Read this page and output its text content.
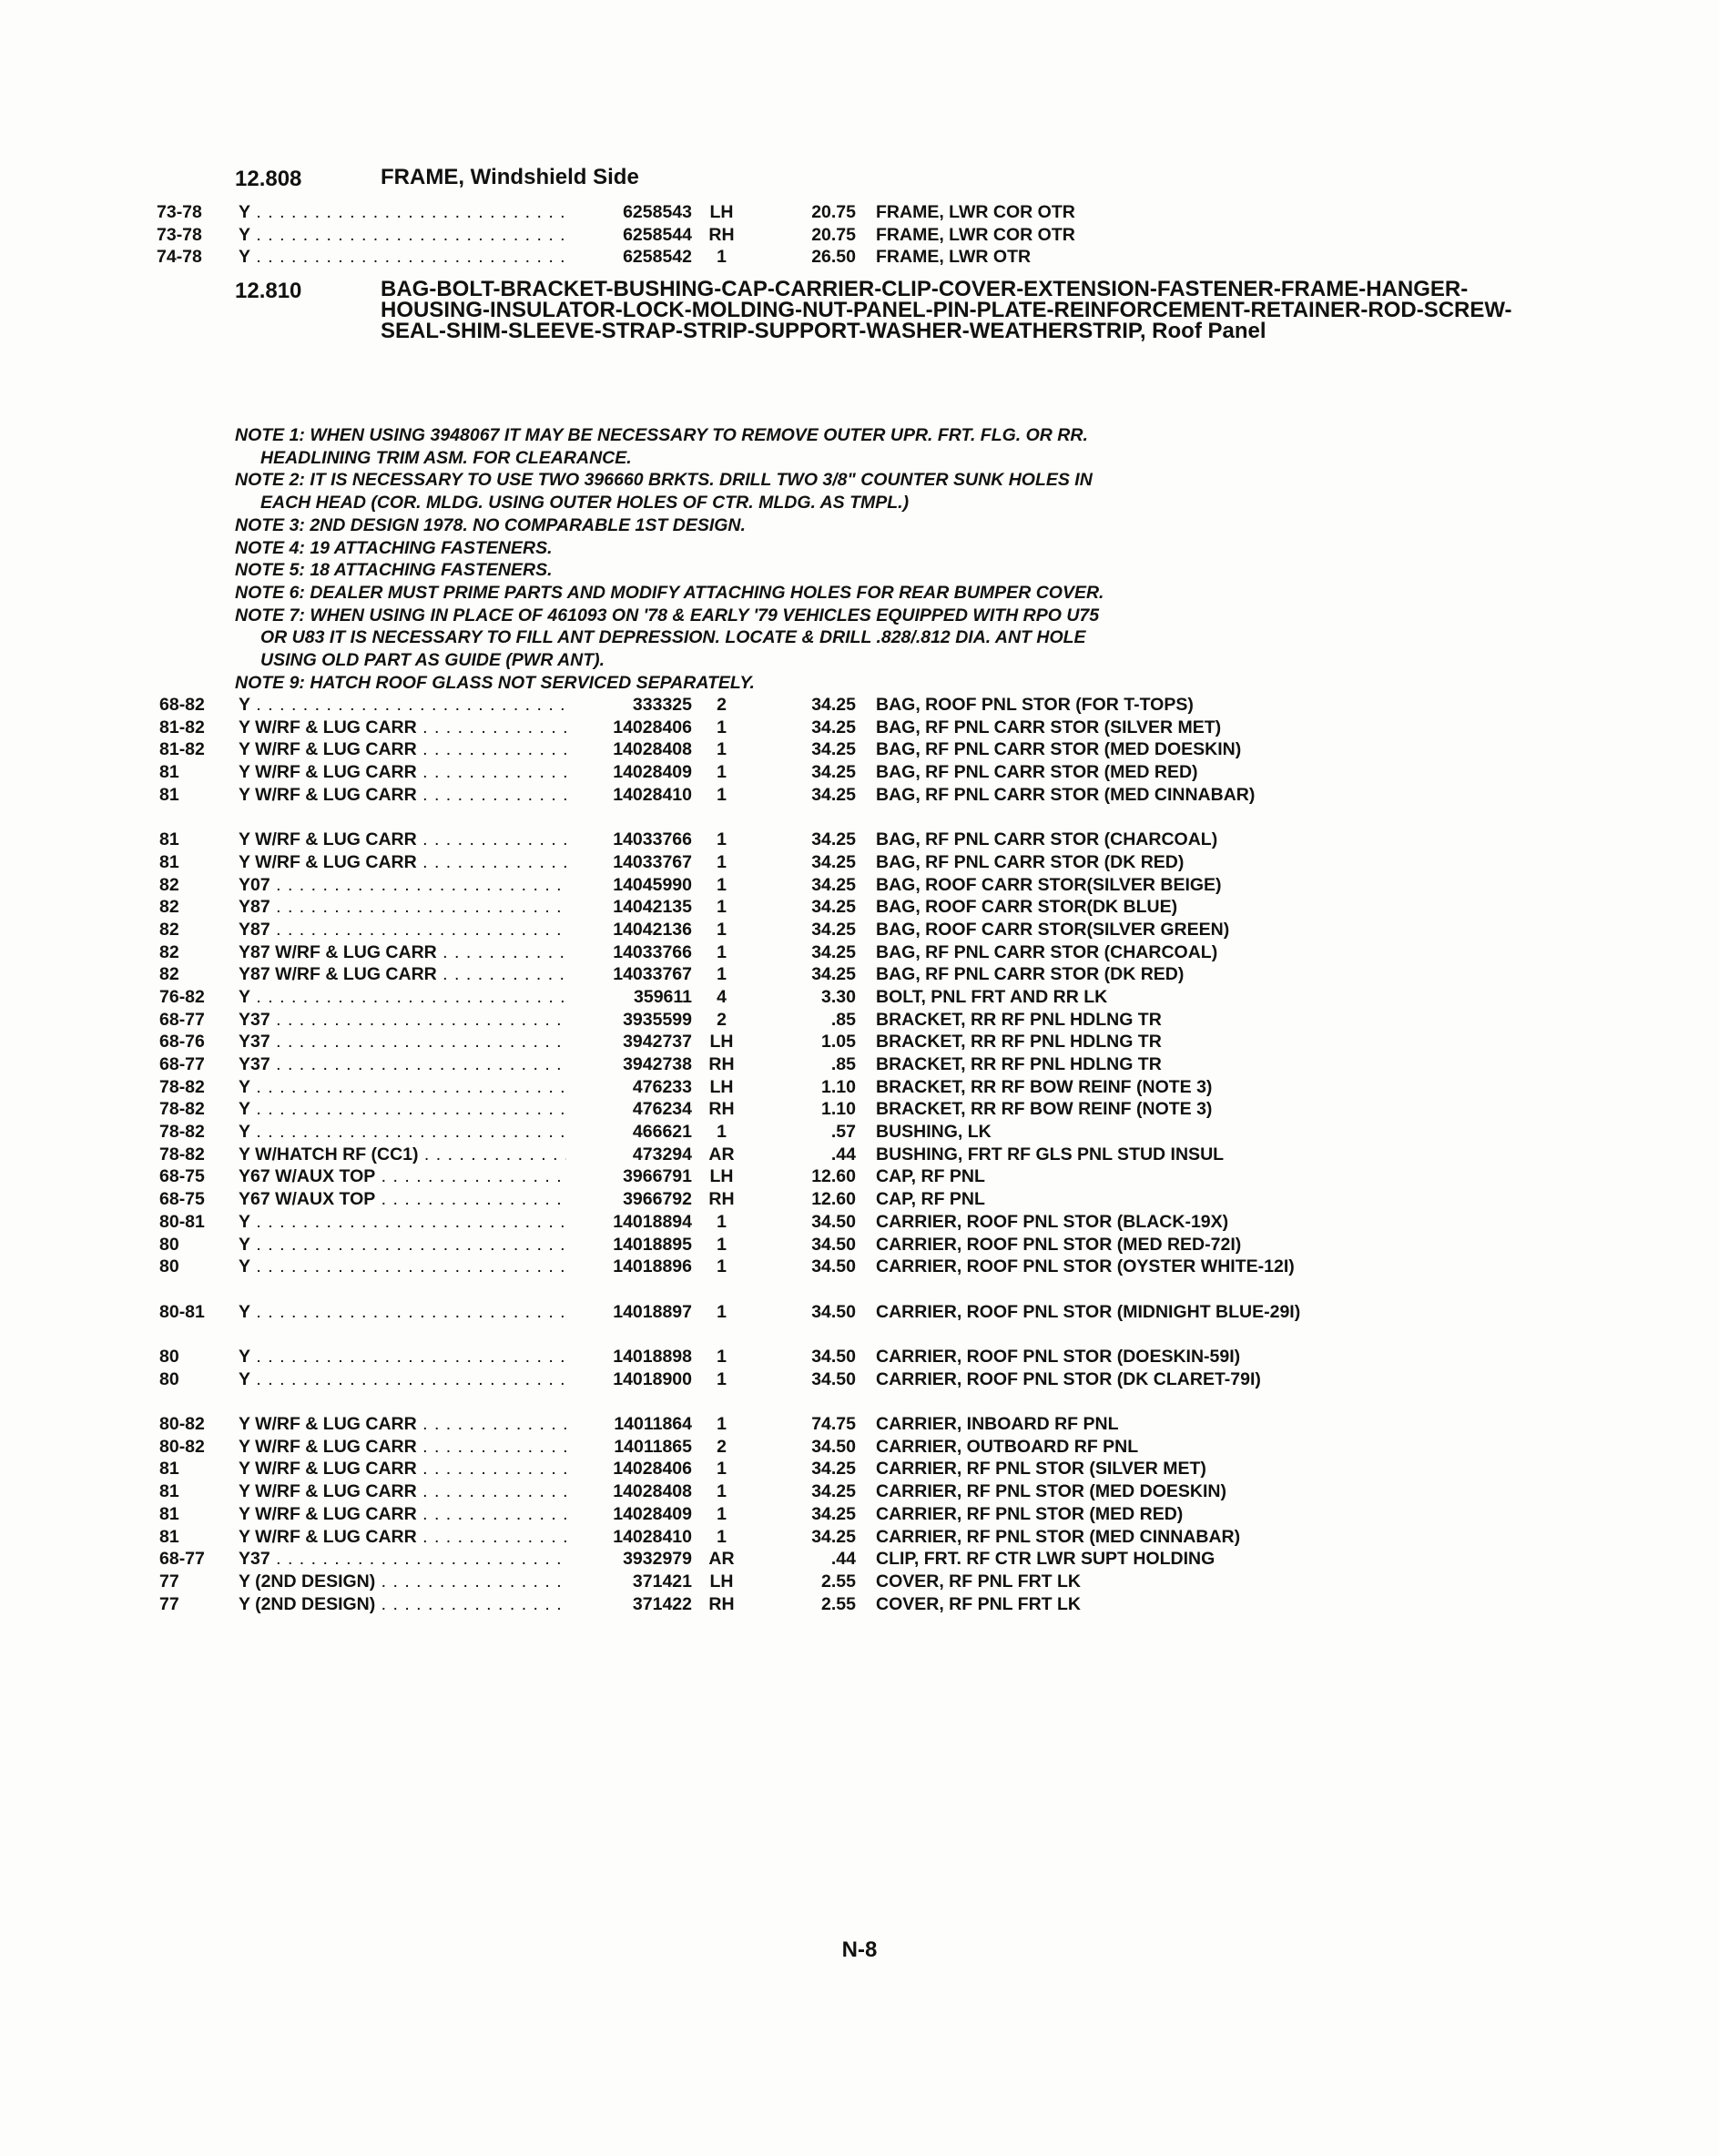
12.808	FRAME, Windshield Side
73-78	Y . . .	6258543	LH	20.75 FRAME, LWR COR OTR
73-78	Y . . .	6258544 RH	20.75 FRAME, LWR COR OTR
74-78	Y . . .	6258542	1	26.50 FRAME, LWR OTR
12.810	BAG-BOLT-BRACKET-BUSHING-CAP-CARRIER-CLIP-COVER-EXTENSION-FASTENER-FRAME-HANGER-HOUSING-INSULATOR-LOCK-MOLDING-NUT-PANEL-PIN-PLATE-REINFORCEMENT-RETAINER-ROD-SCREW-SEAL-SHIM-SLEEVE-STRAP-STRIP-SUPPORT-WASHER-WEATHERSTRIP, Roof Panel
NOTE 1: WHEN USING 3948067 IT MAY BE NECESSARY TO REMOVE OUTER UPR. FRT. FLG. OR RR.
HEADLINING TRIM ASM. FOR CLEARANCE.
NOTE 2: IT IS NECESSARY TO USE TWO 396660 BRKTS. DRILL TWO 3/8" COUNTER SUNK HOLES IN
EACH HEAD (COR. MLDG. USING OUTER HOLES OF CTR. MLDG. AS TMPL.)
NOTE 3: 2ND DESIGN 1978. NO COMPARABLE 1ST DESIGN.
NOTE 4: 19 ATTACHING FASTENERS.
NOTE 5: 18 ATTACHING FASTENERS.
NOTE 6: DEALER MUST PRIME PARTS AND MODIFY ATTACHING HOLES FOR REAR BUMPER COVER.
NOTE 7: WHEN USING IN PLACE OF 461093 ON '78 & EARLY '79 VEHICLES EQUIPPED WITH RPO U75
OR U83 IT IS NECESSARY TO FILL ANT DEPRESSION. LOCATE & DRILL .828/.812 DIA. ANT HOLE
USING OLD PART AS GUIDE (PWR ANT).
NOTE 9: HATCH ROOF GLASS NOT SERVICED SEPARATELY.
68-82	Y . . .	333325	2	34.25 BAG, ROOF PNL STOR (FOR T-TOPS)
81-82	Y W/RF & LUG CARR . . .	14028406	1	34.25 BAG, RF PNL CARR STOR (SILVER MET)
81-82	Y W/RF & LUG CARR . . .	14028408	1	34.25 BAG, RF PNL CARR STOR (MED DOESKIN)
81	Y W/RF & LUG CARR . . .	14028409	1	34.25 BAG, RF PNL CARR STOR (MED RED)
81	Y W/RF & LUG CARR . . .	14028410	1	34.25 BAG, RF PNL CARR STOR (MED CINNABAR)
81	Y W/RF & LUG CARR . . .	14033766	1	34.25 BAG, RF PNL CARR STOR (CHARCOAL)
81	Y W/RF & LUG CARR . . .	14033767	1	34.25 BAG, RF PNL CARR STOR (DK RED)
82	Y07 . . .	14045990	1	34.25 BAG, ROOF CARR STOR(SILVER BEIGE)
82	Y87 . . .	14042135	1	34.25 BAG, ROOF CARR STOR(DK BLUE)
82	Y87 . . .	14042136	1	34.25 BAG, ROOF CARR STOR(SILVER GREEN)
82	Y87 W/RF & LUG CARR . . .	14033766	1	34.25 BAG, RF PNL CARR STOR (CHARCOAL)
82	Y87 W/RF & LUG CARR . . .	14033767	1	34.25 BAG, RF PNL CARR STOR (DK RED)
76-82	Y . . .	359611	4	3.30 BOLT, PNL FRT AND RR LK
68-77	Y37 . . .	3935599	2	.85 BRACKET, RR RF PNL HDLNG TR
68-76	Y37 . . .	3942737	LH	1.05 BRACKET, RR RF PNL HDLNG TR
68-77	Y37 . . .	3942738 RH	.85 BRACKET, RR RF PNL HDLNG TR
78-82	Y . . .	476233	LH	1.10 BRACKET, RR RF BOW REINF (NOTE 3)
78-82	Y . . .	476234 RH	1.10 BRACKET, RR RF BOW REINF (NOTE 3)
78-82	Y . . .	466621	1	.57 BUSHING, LK
78-82	Y W/HATCH RF (CC1) . . .	473294 AR	.44 BUSHING, FRT RF GLS PNL STUD INSUL
68-75	Y67 W/AUX TOP . . .	3966791	LH	12.60 CAP, RF PNL
68-75	Y67 W/AUX TOP . . .	3966792 RH	12.60 CAP, RF PNL
80-81	Y . . .	14018894	1	34.50 CARRIER, ROOF PNL STOR (BLACK-19X)
80	Y . . .	14018895	1	34.50 CARRIER, ROOF PNL STOR (MED RED-72I)
80	Y . . .	14018896	1	34.50 CARRIER, ROOF PNL STOR (OYSTER WHITE-12I)
80-81	Y . . .	14018897	1	34.50 CARRIER, ROOF PNL STOR (MIDNIGHT BLUE-29I)
80	Y . . .	14018898	1	34.50 CARRIER, ROOF PNL STOR (DOESKIN-59I)
80	Y . . .	14018900	1	34.50 CARRIER, ROOF PNL STOR (DK CLARET-79I)
80-82	Y W/RF & LUG CARR . . .	14011864	1	74.75 CARRIER, INBOARD RF PNL
80-82	Y W/RF & LUG CARR . . .	14011865	2	34.50 CARRIER, OUTBOARD RF PNL
81	Y W/RF & LUG CARR . . .	14028406	1	34.25 CARRIER, RF PNL STOR (SILVER MET)
81	Y W/RF & LUG CARR . . .	14028408	1	34.25 CARRIER, RF PNL STOR (MED DOESKIN)
81	Y W/RF & LUG CARR . . .	14028409	1	34.25 CARRIER, RF PNL STOR (MED RED)
81	Y W/RF & LUG CARR . . .	14028410	1	34.25 CARRIER, RF PNL STOR (MED CINNABAR)
68-77	Y37 . . .	3932979 AR	.44 CLIP, FRT. RF CTR LWR SUPT HOLDING
77	Y (2ND DESIGN) . . .	371421	LH	2.55 COVER, RF PNL FRT LK
77	Y (2ND DESIGN) . . .	371422 RH	2.55 COVER, RF PNL FRT LK
N-8
